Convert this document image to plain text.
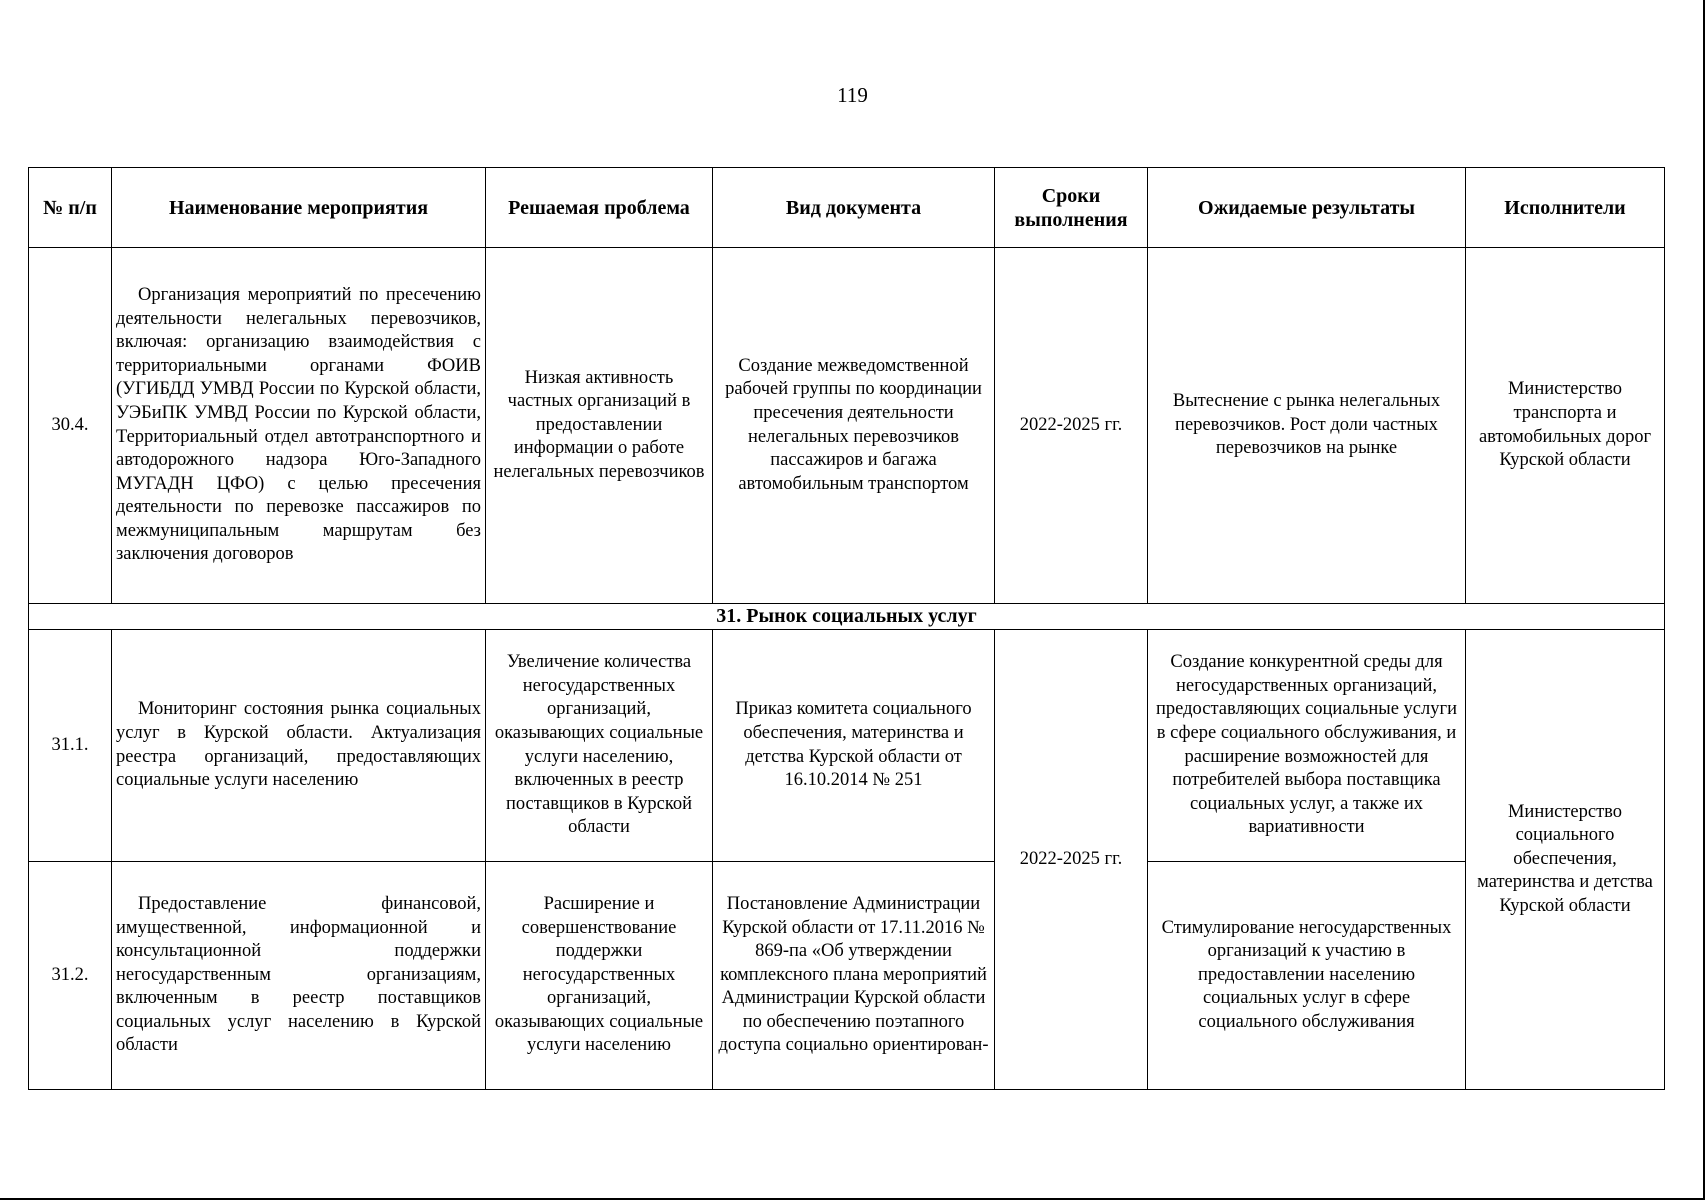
119
№ п/п	Наименование мероприятия	Решаемая проблема	Вид документа	Сроки выполнения	Ожидаемые результаты	Исполнители
30.4.	Организация мероприятий по пресечению деятельности нелегальных перевозчиков, включая: организацию взаимодействия с территориальными органами ФОИВ (УГИБДД УМВД России по Курской области, УЭБиПК УМВД России по Курской области, Территориальный отдел автотранспортного и автодорожного надзора Юго-Западного МУГАДН ЦФО) с целью пресечения деятельности по перевозке пассажиров по межмуниципальным маршрутам без заключения договоров	Низкая активность частных организаций в предоставлении информации о работе нелегальных перевозчиков	Создание межведомственной рабочей группы по координации пресечения деятельности нелегальных перевозчиков пассажиров и багажа автомобильным транспортом	2022-2025 гг.	Вытеснение с рынка нелегальных перевозчиков. Рост доли частных перевозчиков на рынке	Министерство транспорта и автомобильных дорог Курской области
31. Рынок социальных услуг						
31.1.	Мониторинг состояния рынка социальных услуг в Курской области. Актуализация реестра организаций, предоставляющих социальные услуги населению	Увеличение количества негосударственных организаций, оказывающих социальные услуги населению, включенных в реестр поставщиков в Курской области	Приказ комитета социального обеспечения, материнства и детства Курской области от 16.10.2014 № 251	2022-2025 гг.	Создание конкурентной среды для негосударственных организаций, предоставляющих социальные услуги в сфере социального обслуживания, и расширение возможностей для потребителей выбора поставщика социальных услуг, а также их вариативности	Министерство социального обеспечения, материнства и детства Курской области
31.2.	Предоставление финансовой, имущественной, информационной и консультационной поддержки негосударственным организациям, включенным в реестр поставщиков социальных услуг населению в Курской области	Расширение и совершенствование поддержки негосударственных организаций, оказывающих социальные услуги населению	Постановление Администрации Курской области от 17.11.2016 № 869-па «Об утверждении комплексного плана мероприятий Администрации Курской области по обеспечению поэтапного доступа социально ориентирован-		Стимулирование негосударственных организаций к участию в предоставлении населению социальных услуг в сфере социального обслуживания	
